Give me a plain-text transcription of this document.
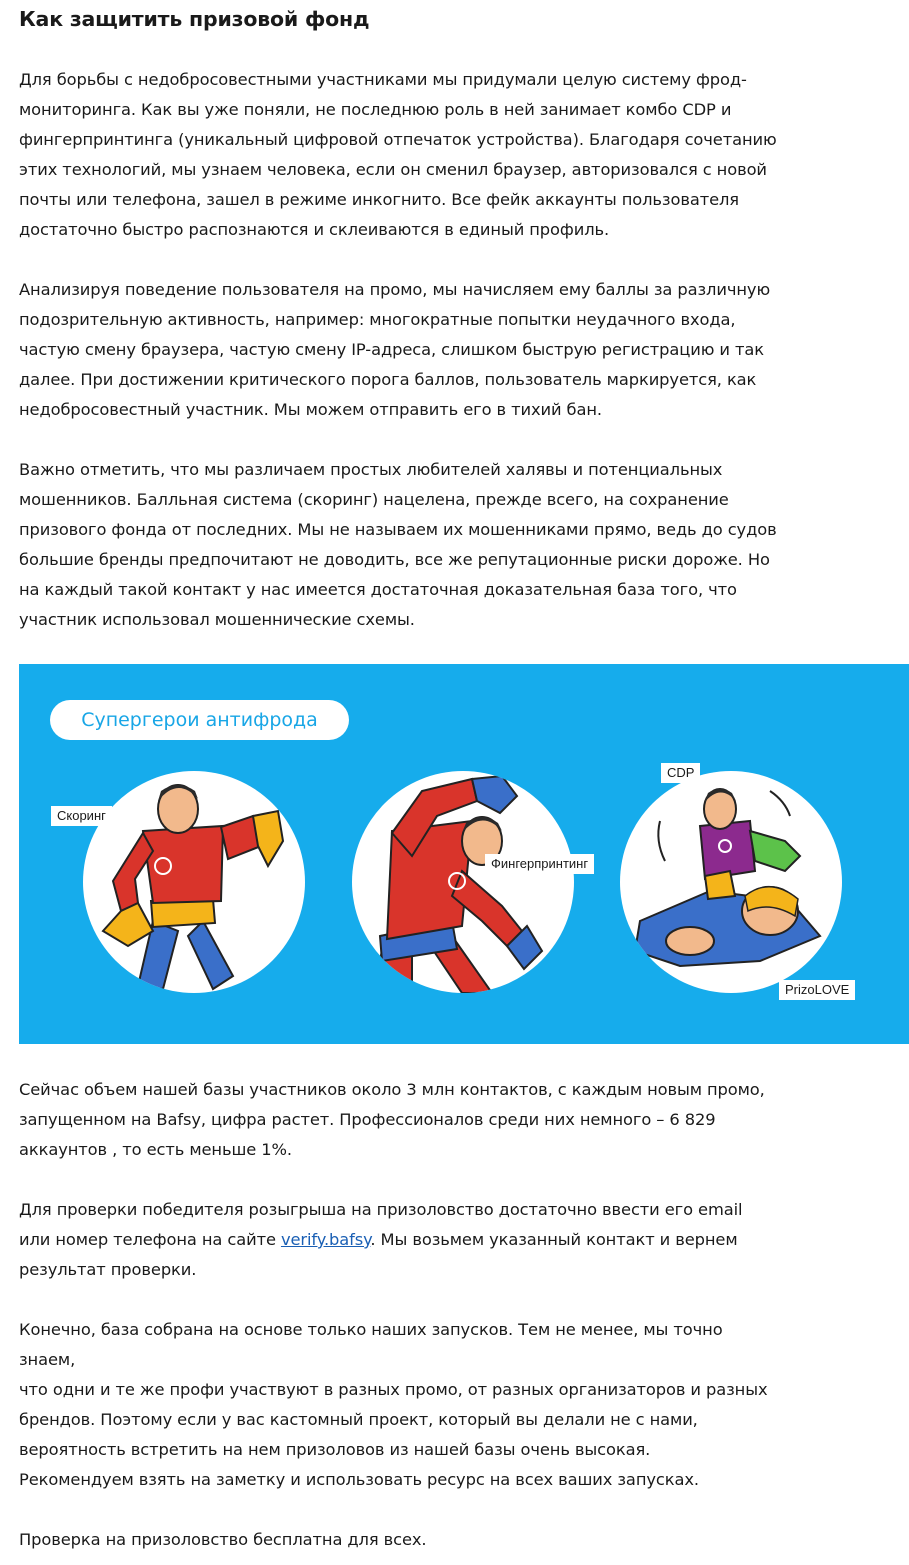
Как защитить призовой фонд

Для борьбы с недобросовестными участниками мы придумали целую систему фрод-
мониторинга. Как вы уже поняли, не последнюю роль в ней занимает комбо CDP и
фингерпринтинга (уникальный цифровой отпечаток устройства). Благодаря сочетанию
этих технологий, мы узнаем человека, если он сменил браузер, авторизовался с новой
почты или телефона, зашел в режиме инкогнито. Все фейк аккаунты пользователя
достаточно быстро распознаются и склеиваются в единый профиль.

Анализируя поведение пользователя на промо, мы начисляем ему баллы за различную
подозрительную активность, например: многократные попытки неудачного входа,
частую смену браузера, частую смену IP-адреса, слишком быструю регистрацию и так
далее. При достижении критического порога баллов, пользователь маркируется, как
недобросовестный участник. Мы можем отправить его в тихий бан.

Важно отметить, что мы различаем простых любителей халявы и потенциальных
мошенников. Балльная система (скоринг) нацелена, прежде всего, на сохранение
призового фонда от последних. Мы не называем их мошенниками прямо, ведь до судов
большие бренды предпочитают не доводить, все же репутационные риски дороже. Но
на каждый такой контакт у нас имеется достаточная доказательная база того, что
участник использовал мошеннические схемы.

Супергерои антифрода
Скоринг
Фингерпринтинг
CDP
PrizoLOVE

Сейчас объем нашей базы участников около 3 млн контактов, с каждым новым промо,
запущенном на Bafsy, цифра растет. Профессионалов среди них немного – 6 829
аккаунтов , то есть меньше 1%.

Для проверки победителя розыгрыша на призоловство достаточно ввести его email
или номер телефона на сайте verify.bafsy. Мы возьмем указанный контакт и вернем
результат проверки.

Конечно, база собрана на основе только наших запусков. Тем не менее, мы точно знаем,
что одни и те же профи участвуют в разных промо, от разных организаторов и разных
брендов. Поэтому если у вас кастомный проект, который вы делали не с нами,
вероятность встретить на нем призоловов из нашей базы очень высокая.

Рекомендуем взять на заметку и использовать ресурс на всех ваших запусках.

Проверка на призоловство бесплатна для всех.
